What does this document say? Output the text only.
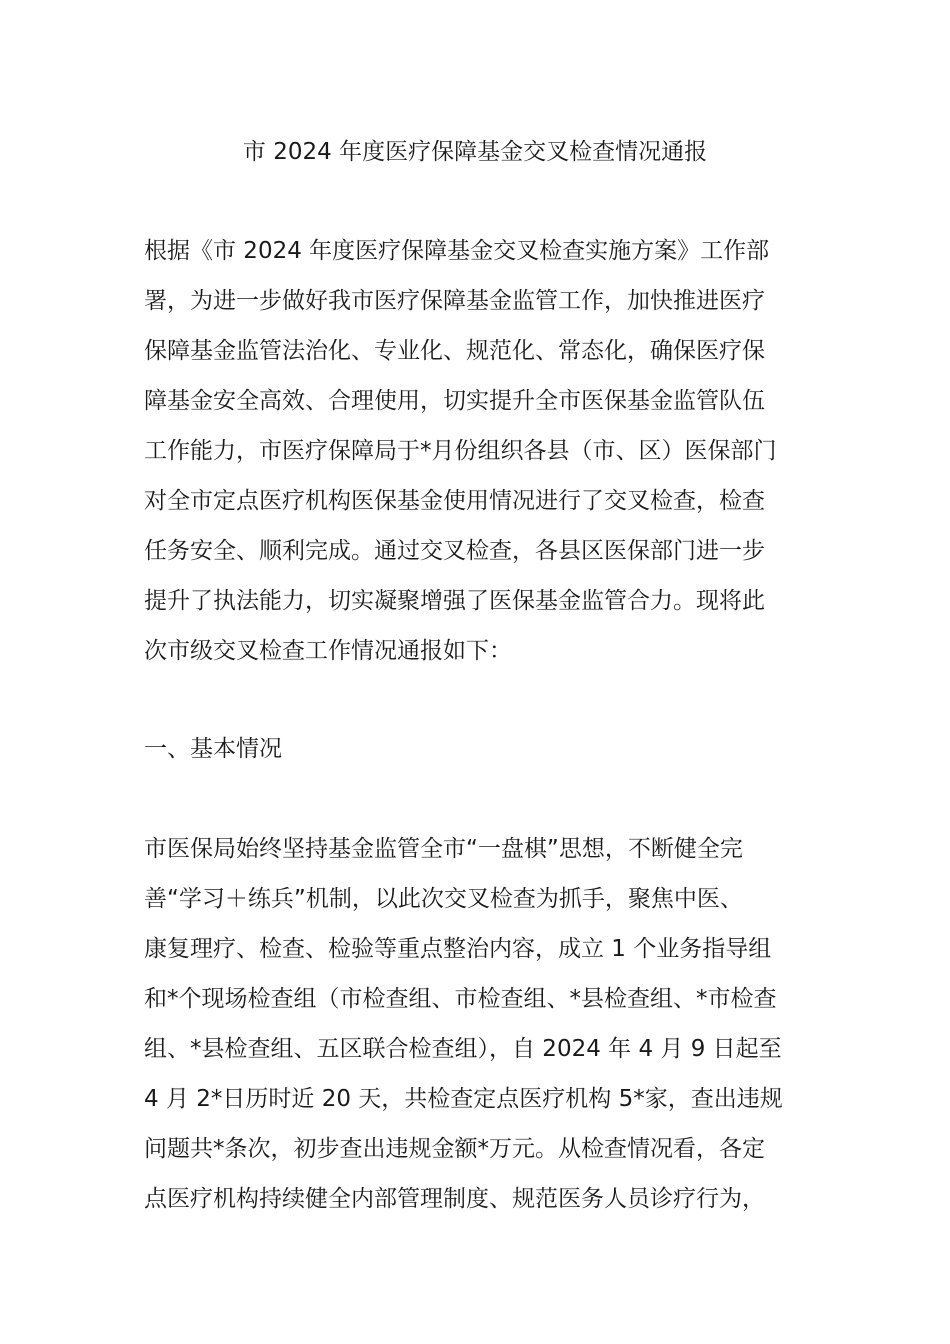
市 2024 年度医疗保障基金交叉检查情况通报
根据《市 2024 年度医疗保障基金交叉检查实施方案》工作部
署，为进一步做好我市医疗保障基金监管工作，加快推进医疗
保障基金监管法治化、专业化、规范化、常态化，确保医疗保
障基金安全高效、合理使用，切实提升全市医保基金监管队伍
工作能力，市医疗保障局于*月份组织各县（市、区）医保部门
对全市定点医疗机构医保基金使用情况进行了交叉检查，检查
任务安全、顺利完成。通过交叉检查，各县区医保部门进一步
提升了执法能力，切实凝聚增强了医保基金监管合力。现将此
次市级交叉检查工作情况通报如下：
一、基本情况
市医保局始终坚持基金监管全市“一盘棋”思想，不断健全完
善“学习＋练兵”机制，以此次交叉检查为抓手，聚焦中医、
康复理疗、检查、检验等重点整治内容，成立 1 个业务指导组
和*个现场检查组（市检查组、市检查组、*县检查组、*市检查
组、*县检查组、五区联合检查组），自 2024 年 4 月 9 日起至
4 月 2*日历时近 20 天，共检查定点医疗机构 5*家，查出违规
问题共*条次，初步查出违规金额*万元。从检查情况看，各定
点医疗机构持续健全内部管理制度、规范医务人员诊疗行为，
